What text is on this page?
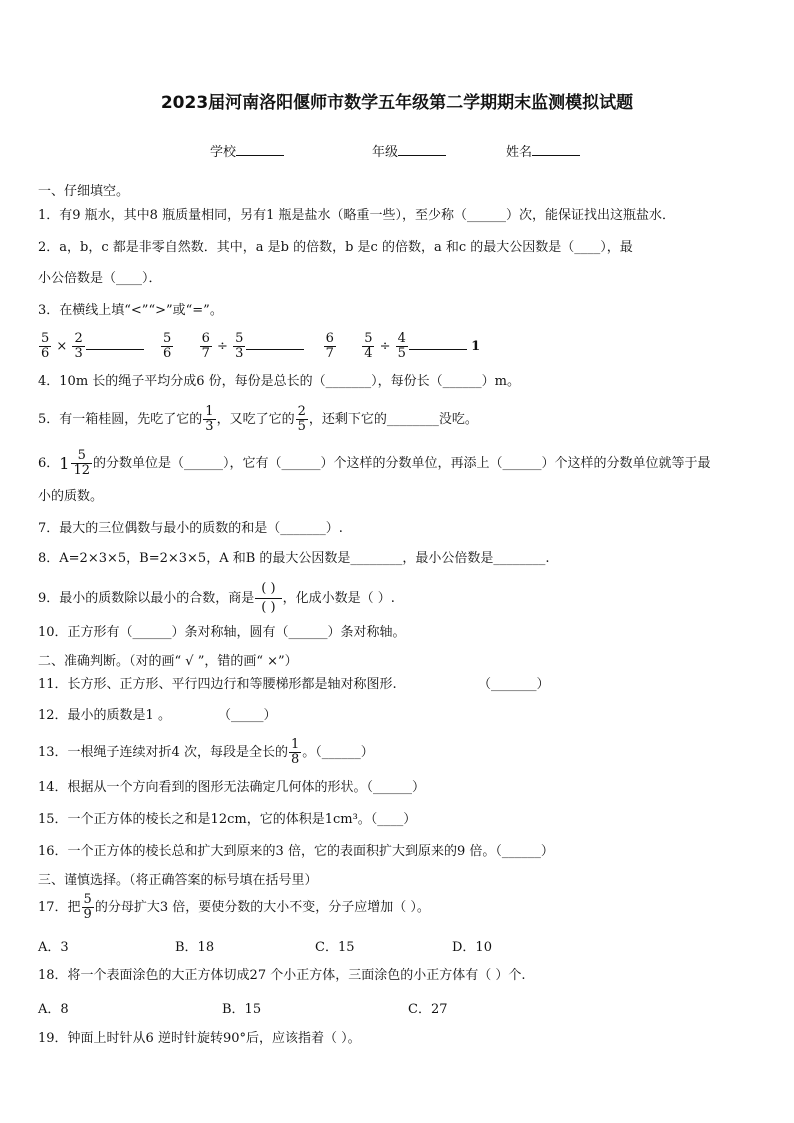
2023届河南洛阳偃师市数学五年级第二学期期末监测模拟试题
学校	年级	姓名
一、仔细填空。
1．有9 瓶水，其中8 瓶质量相同，另有1 瓶是盐水（略重一些），至少称（______）次，能保证找出这瓶盐水．
2．a，b，c 都是非零自然数．其中，a 是b 的倍数，b 是c 的倍数，a 和c 的最大公因数是（____），最
小公倍数是（____）．
3．在横线上填“<”“>”或“=”。
$\frac{5}{6} \times \frac{2}{3}$
	$\frac{5}{6}$
$\frac{6}{7} \div \frac{5}{3}$
	$\frac{6}{7}$
$\frac{5}{4} \div \frac{4}{5}$	1
4．10m 长的绳子平均分成6 份，每份是总长的（_______），每份长（______）m。
5．有一箱桂圆，先吃了它的 $\frac{1}{3}$ ，又吃了它的 $\frac{2}{5}$ ，还剩下它的________没吃。
6． $1 \frac{5}{12}$ 的分数单位是（______），它有（______）个这样的分数单位，再添上（______）个这样的分数单位就等于最
小的质数。
7．最大的三位偶数与最小的质数的和是（_______）.
8．A=2×3×5，B=2×3×5，A 和B 的最大公因数是________，最小公倍数是________.
9．最小的质数除以最小的合数，商是 $\frac{( )}{( )}$ ，化成小数是（ ）.
10．正方形有（______）条对称轴，圆有（______）条对称轴。
二、准确判断。（对的画“ √ ”，错的画“ ×”）
11．长方形、正方形、平行四边行和等腰梯形都是轴对称图形.	（_______）
12．最小的质数是1 。	（_____）
13．一根绳子连续对折4 次，每段是全长的 $\frac{1}{8}$ 。（______）
14．根据从一个方向看到的图形无法确定几何体的形状。（______）
15．一个正方体的棱长之和是12cm，它的体积是1cm³。（____）
16．一个正方体的棱长总和扩大到原来的3 倍，它的表面积扩大到原来的9 倍。（______）
三、谨慎选择。（将正确答案的标号填在括号里）
17．把 $\frac{5}{9}$ 的分母扩大3 倍，要使分数的大小不变，分子应增加（ ）。
A．3	B．18	C．15	D．10
18．将一个表面涂色的大正方体切成27 个小正方体，三面涂色的小正方体有（ ）个.
A．8	B．15	C．27
19．钟面上时针从6 逆时针旋转90°后，应该指着（ ）。
